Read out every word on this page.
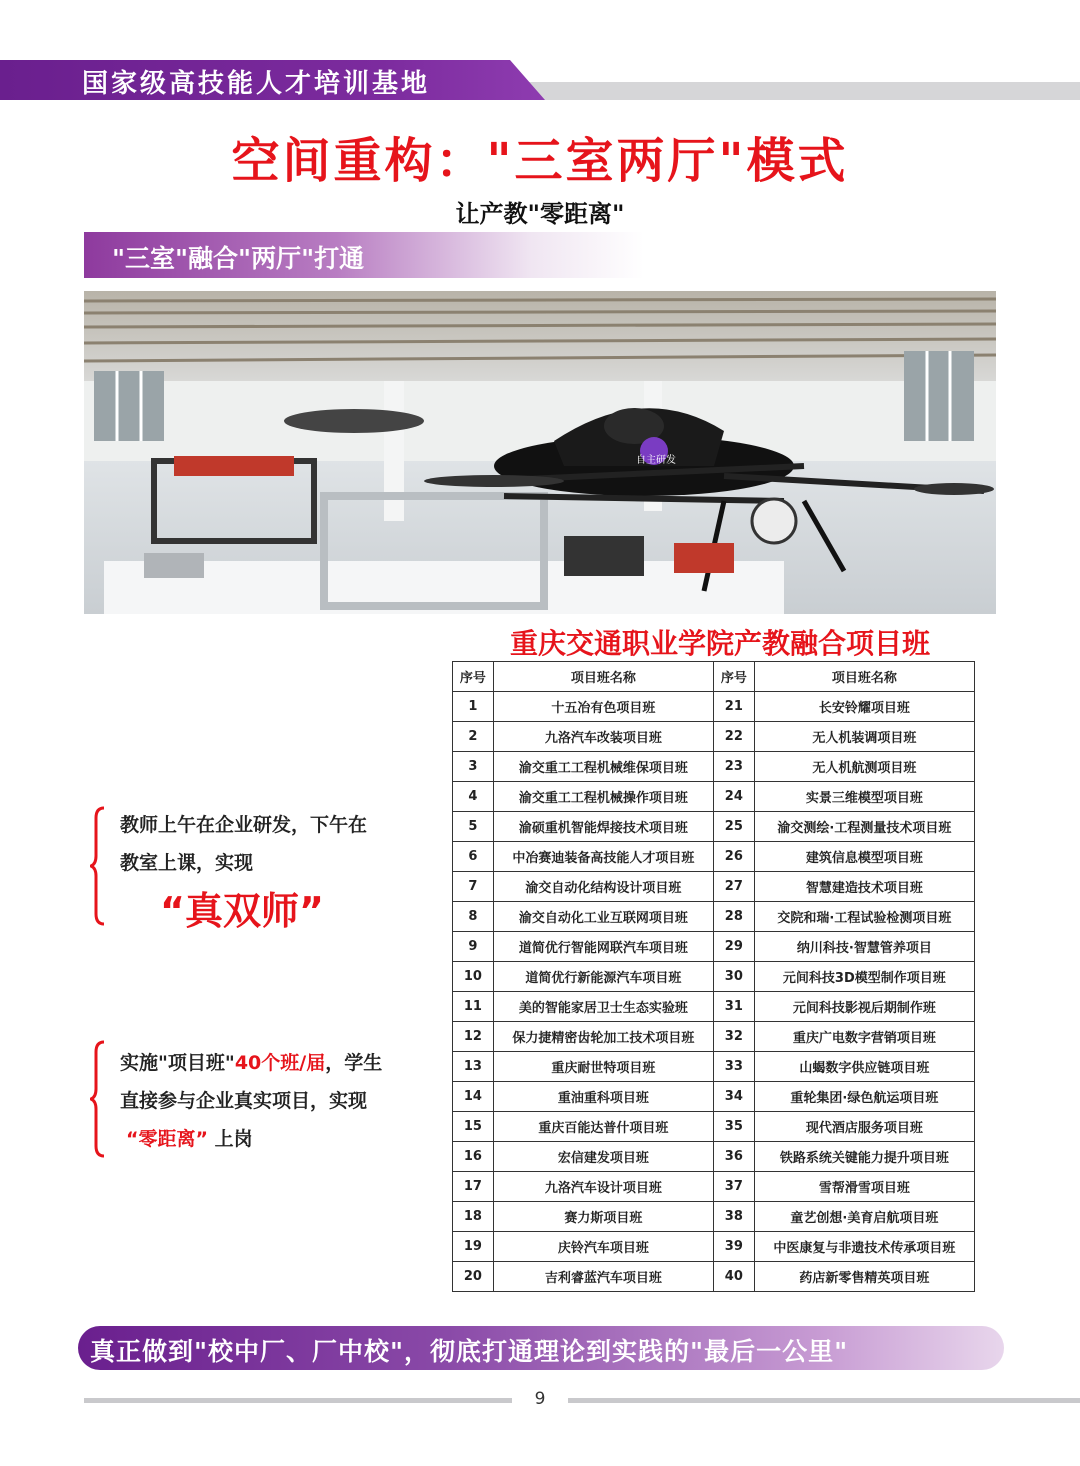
国家级高技能人才培训基地
空间重构："三室两厅"模式
让产教"零距离"
"三室"融合"两厅"打通
自主研发
重庆交通职业学院产教融合项目班
序号	项目班名称	序号	项目班名称
1	十五冶有色项目班	21	长安铃耀项目班
2	九洛汽车改装项目班	22	无人机装调项目班
3	渝交重工工程机械维保项目班	23	无人机航测项目班
4	渝交重工工程机械操作项目班	24	实景三维模型项目班
5	渝硕重机智能焊接技术项目班	25	渝交测绘·工程测量技术项目班
6	中冶赛迪装备高技能人才项目班	26	建筑信息模型项目班
7	渝交自动化结构设计项目班	27	智慧建造技术项目班
8	渝交自动化工业互联网项目班	28	交院和瑞·工程试验检测项目班
9	道简优行智能网联汽车项目班	29	纳川科技·智慧管养项目
10	道简优行新能源汽车项目班	30	元间科技3D模型制作项目班
11	美的智能家居卫士生态实验班	31	元间科技影视后期制作班
12	保力捷精密齿轮加工技术项目班	32	重庆广电数字营销项目班
13	重庆耐世特项目班	33	山蝎数字供应链项目班
14	重油重科项目班	34	重轮集团·绿色航运项目班
15	重庆百能达普什项目班	35	现代酒店服务项目班
16	宏信建发项目班	36	铁路系统关键能力提升项目班
17	九洛汽车设计项目班	37	雪帮滑雪项目班
18	赛力斯项目班	38	童艺创想·美育启航项目班
19	庆铃汽车项目班	39	中医康复与非遗技术传承项目班
20	吉利睿蓝汽车项目班	40	药店新零售精英项目班
教师上午在企业研发，下午在
教室上课，实现
“真双师”
实施"项目班"40个班/届，学生
直接参与企业真实项目，实现
“零距离” 上岗
真正做到"校中厂、厂中校"，彻底打通理论到实践的"最后一公里"
9
